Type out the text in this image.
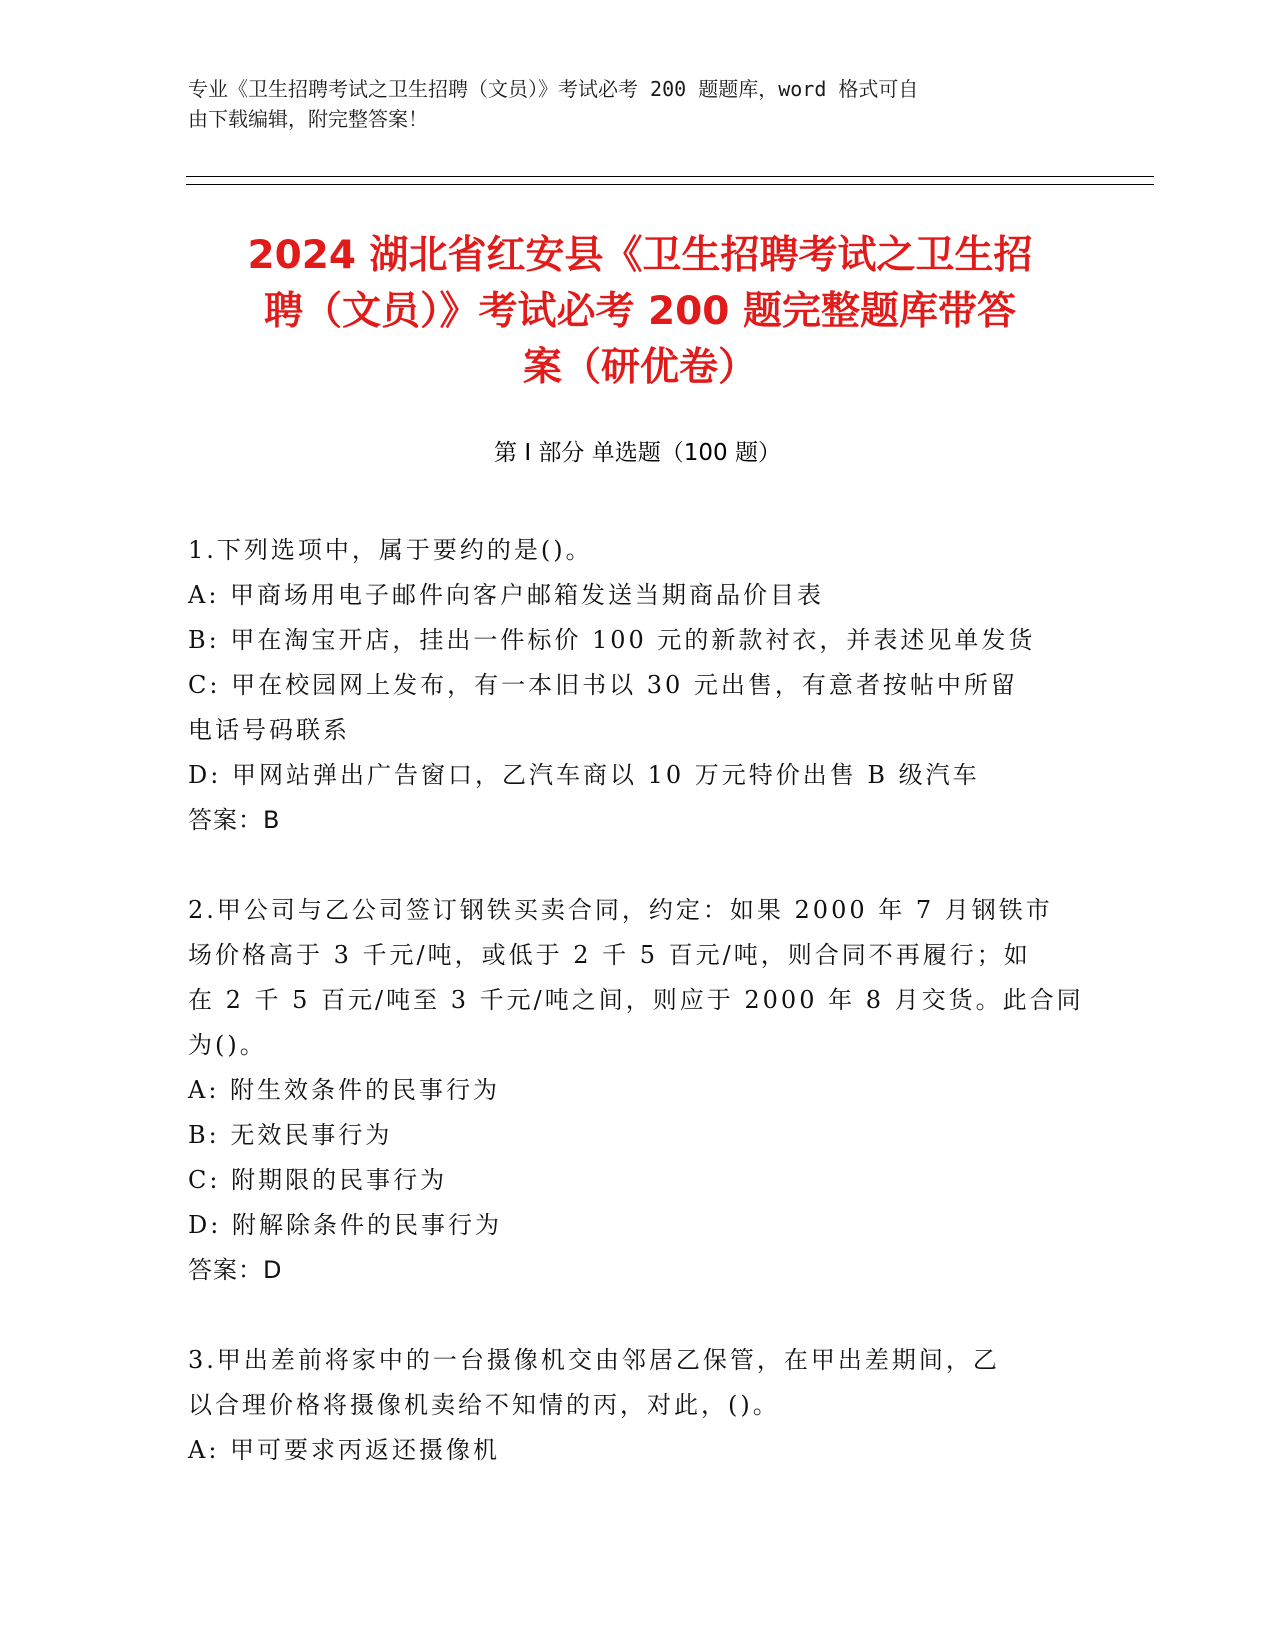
专业《卫生招聘考试之卫生招聘（文员）》考试必考 200 题题库，word 格式可自
由下载编辑，附完整答案！
2024 湖北省红安县《卫生招聘考试之卫生招
聘（文员）》考试必考 200 题完整题库带答
案（研优卷）
第 I 部分 单选题（100 题）

1.下列选项中，属于要约的是()。

A: 甲商场用电子邮件向客户邮箱发送当期商品价目表

B: 甲在淘宝开店，挂出一件标价 100 元的新款衬衣，并表述见单发货

C: 甲在校园网上发布，有一本旧书以 30 元出售，有意者按帖中所留

电话号码联系

D: 甲网站弹出广告窗口，乙汽车商以 10 万元特价出售 B 级汽车

答案：B

2.甲公司与乙公司签订钢铁买卖合同，约定：如果 2000 年 7 月钢铁市

场价格高于 3 千元/吨，或低于 2 千 5 百元/吨，则合同不再履行；如

在 2 千 5 百元/吨至 3 千元/吨之间，则应于 2000 年 8 月交货。此合同

为()。

A: 附生效条件的民事行为

B: 无效民事行为

C: 附期限的民事行为

D: 附解除条件的民事行为

答案：D

3.甲出差前将家中的一台摄像机交由邻居乙保管，在甲出差期间，乙

以合理价格将摄像机卖给不知情的丙，对此，()。

A: 甲可要求丙返还摄像机
